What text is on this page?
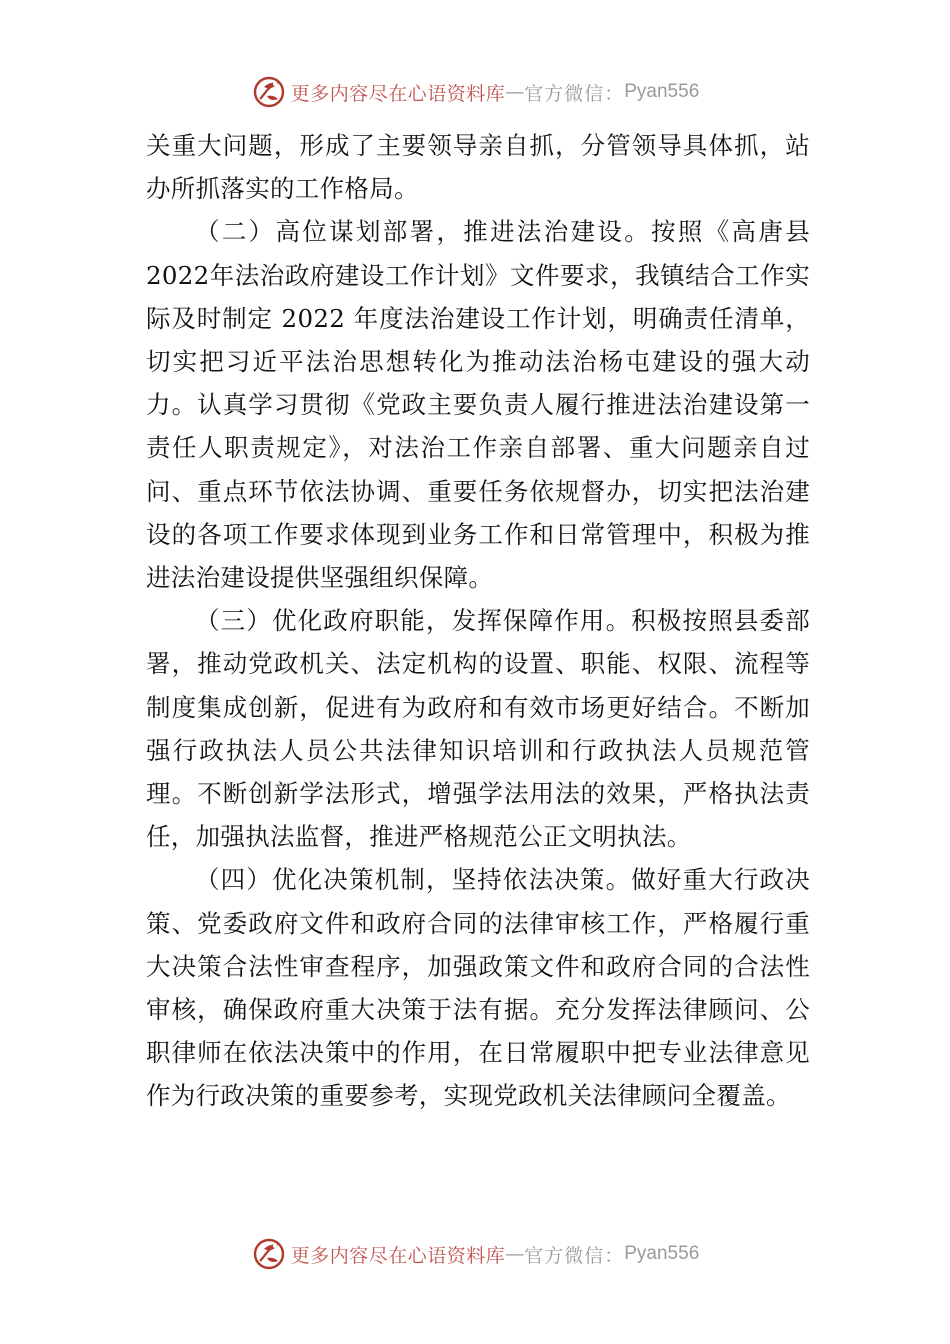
更多内容尽在心语资料库 — 官方微信： Pyan556

关重大问题，形成了主要领导亲自抓，分管领导具体抓，站办所抓落实的工作格局。

（二）高位谋划部署，推进法治建设。按照《高唐县2022年法治政府建设工作计划》文件要求，我镇结合工作实际及时制定 2022 年度法治建设工作计划，明确责任清单，切实把习近平法治思想转化为推动法治杨屯建设的强大动力。认真学习贯彻《党政主要负责人履行推进法治建设第一责任人职责规定》，对法治工作亲自部署、重大问题亲自过问、重点环节依法协调、重要任务依规督办，切实把法治建设的各项工作要求体现到业务工作和日常管理中，积极为推进法治建设提供坚强组织保障。

（三）优化政府职能，发挥保障作用。积极按照县委部署，推动党政机关、法定机构的设置、职能、权限、流程等制度集成创新，促进有为政府和有效市场更好结合。不断加强行政执法人员公共法律知识培训和行政执法人员规范管理。不断创新学法形式，增强学法用法的效果，严格执法责任，加强执法监督，推进严格规范公正文明执法。

（四）优化决策机制，坚持依法决策。做好重大行政决策、党委政府文件和政府合同的法律审核工作，严格履行重大决策合法性审查程序，加强政策文件和政府合同的合法性审核，确保政府重大决策于法有据。充分发挥法律顾问、公职律师在依法决策中的作用，在日常履职中把专业法律意见作为行政决策的重要参考，实现党政机关法律顾问全覆盖。

更多内容尽在心语资料库 — 官方微信： Pyan556
